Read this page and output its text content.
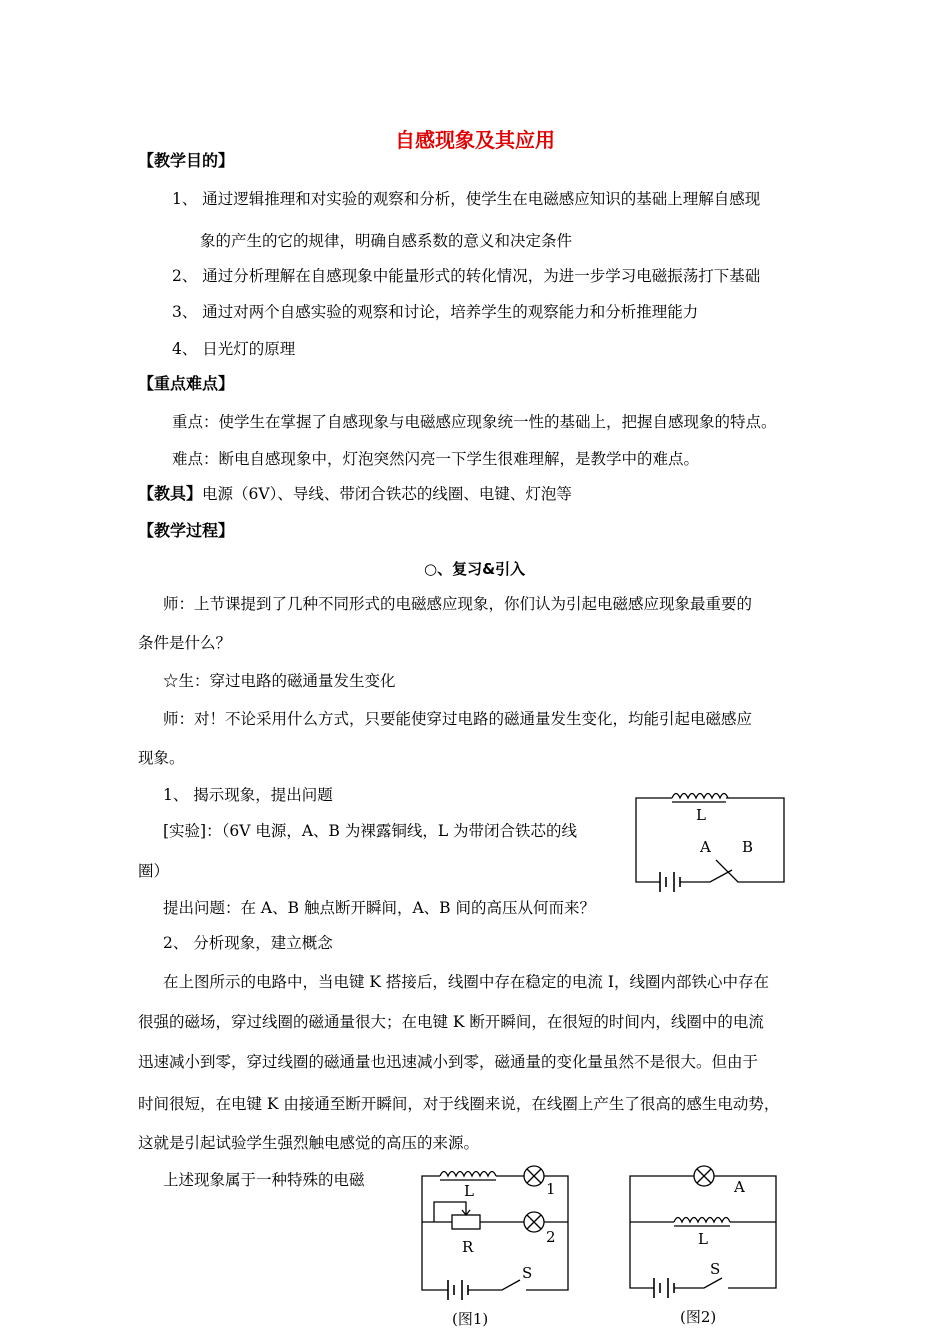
自感现象及其应用
【教学目的】
1、 通过逻辑推理和对实验的观察和分析，使学生在电磁感应知识的基础上理解自感现
象的产生的它的规律，明确自感系数的意义和决定条件
2、 通过分析理解在自感现象中能量形式的转化情况，为进一步学习电磁振荡打下基础
3、 通过对两个自感实验的观察和讨论，培养学生的观察能力和分析推理能力
4、 日光灯的原理
【重点难点】
重点：使学生在掌握了自感现象与电磁感应现象统一性的基础上，把握自感现象的特点。
难点：断电自感现象中，灯泡突然闪亮一下学生很难理解，是教学中的难点。
【教具】电源（6V）、导线、带闭合铁芯的线圈、电键、灯泡等
【教学过程】
○、复习&引入
师：上节课提到了几种不同形式的电磁感应现象，你们认为引起电磁感应现象最重要的
条件是什么？
☆生：穿过电路的磁通量发生变化
师：对！不论采用什么方式，只要能使穿过电路的磁通量发生变化，均能引起电磁感应
现象。
1、 揭示现象，提出问题
[实验]：（6V 电源，A、B 为裸露铜线，L 为带闭合铁芯的线
圈）
提出问题：在 A、B 触点断开瞬间，A、B 间的高压从何而来？
2、 分析现象，建立概念
在上图所示的电路中，当电键 K 搭接后，线圈中存在稳定的电流 I，线圈内部铁心中存在
很强的磁场，穿过线圈的磁通量很大；在电键 K 断开瞬间，在很短的时间内，线圈中的电流
迅速减小到零，穿过线圈的磁通量也迅速减小到零，磁通量的变化量虽然不是很大。但由于
时间很短，在电键 K 由接通至断开瞬间，对于线圈来说，在线圈上产生了很高的感生电动势，
这就是引起试验学生强烈触电感觉的高压的来源。
上述现象属于一种特殊的电磁
L
A B
L
R
1
2
S
(图1)
A
L
S
(图2)
